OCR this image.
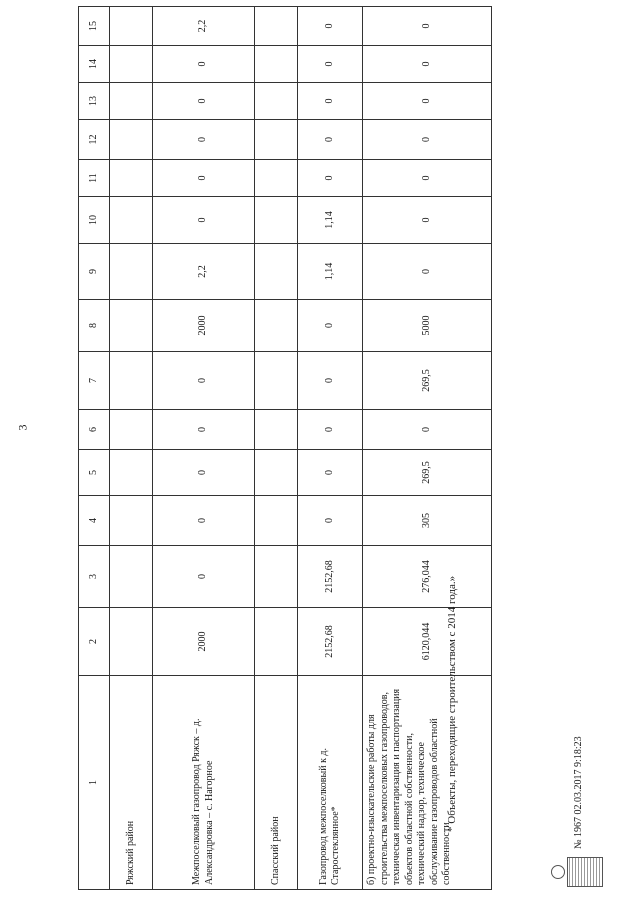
3
1	2	3	4	5	6	7	8	9	10	11	12	13	14	15
Ряжский район														
Межпоселковый газопровод Ряжск – д. Александровка – с. Нагорное	2000	0	0	0	0	0	2000	2,2	0	0	0	0	0	2,2
Спасский район														
Газопровод межпоселковый к д. Старостеклянное*	2152,68	2152,68	0	0	0	0	0	1,14	1,14	0	0	0	0	0
б) проектно-изыскательские работы для строительства межпоселковых газопроводов, техническая инвентаризация и паспортизация объектов областной собственности, технический надзор, техническое обслуживание газопроводов областной собственности	6120,044	276,044	305	269,5	0	269,5	5000	0	0	0	0	0	0	0
* Объекты, переходящие строительством с 2014 года.»	№ 1967 02.03.2017 9:18:23
